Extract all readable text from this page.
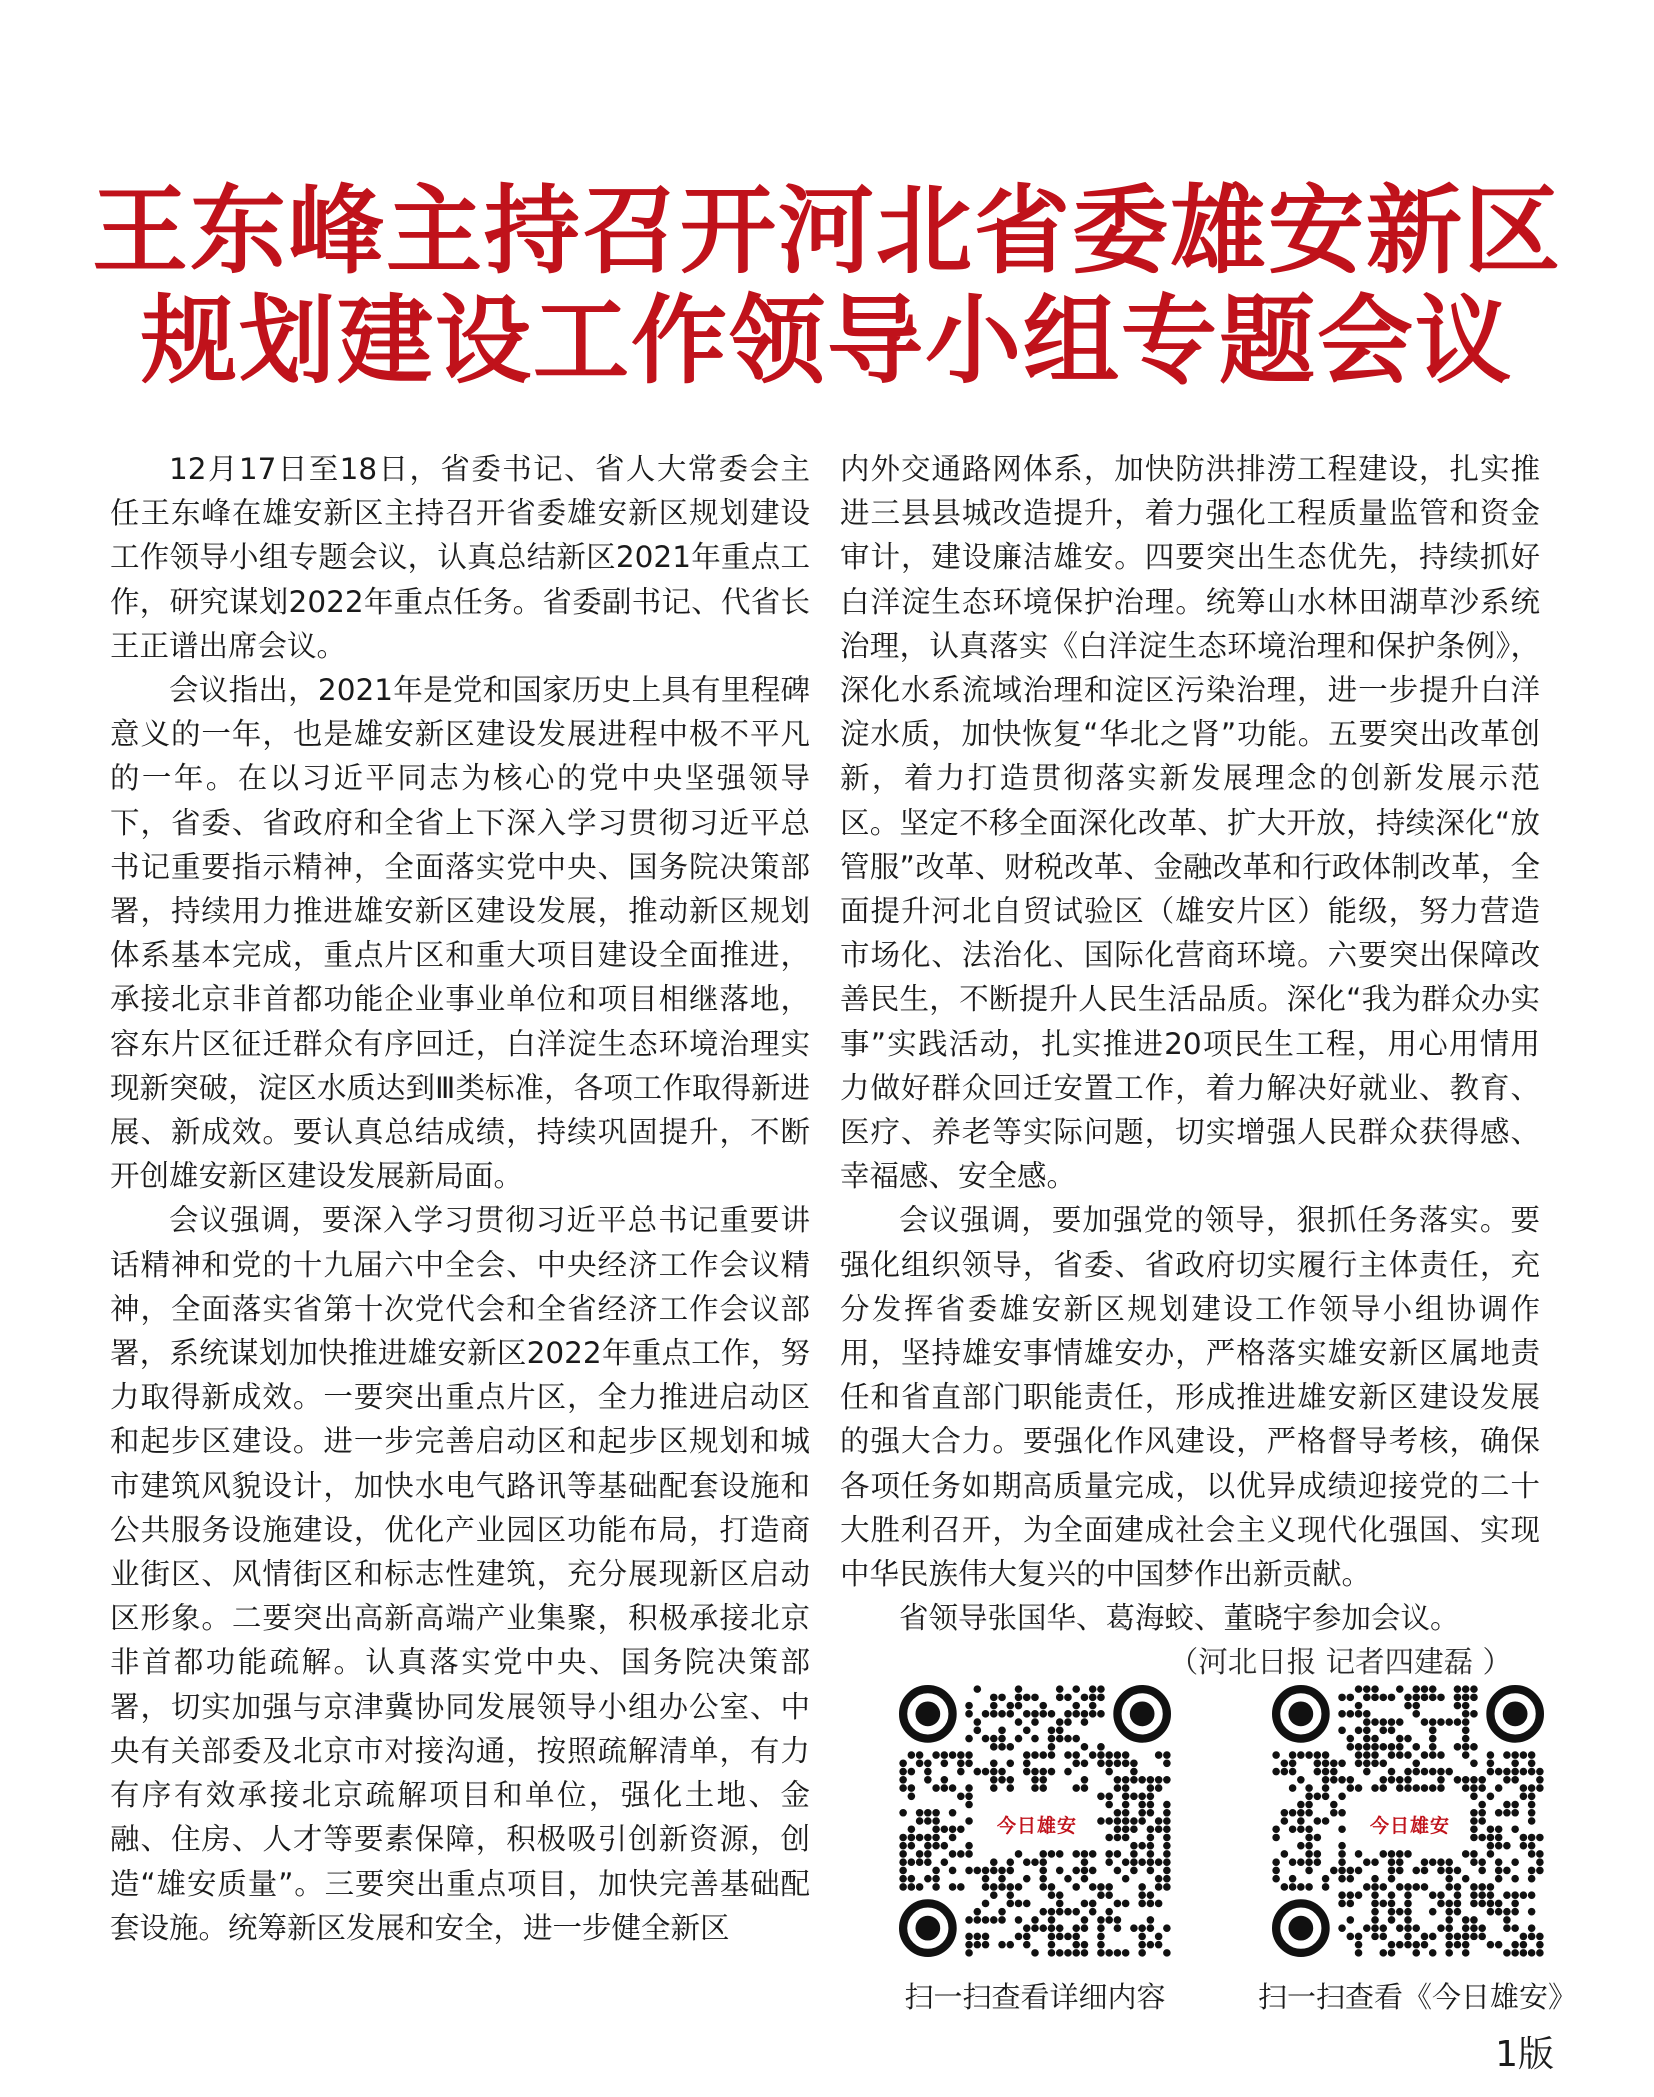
王东峰主持召开河北省委雄安新区
规划建设工作领导小组专题会议

12月17日至18日，省委书记、省人大常委会主任王东峰在雄安新区主持召开省委雄安新区规划建设工作领导小组专题会议，认真总结新区2021年重点工作，研究谋划2022年重点任务。省委副书记、代省长王正谱出席会议。

会议指出，2021年是党和国家历史上具有里程碑意义的一年，也是雄安新区建设发展进程中极不平凡的一年。在以习近平同志为核心的党中央坚强领导下，省委、省政府和全省上下深入学习贯彻习近平总书记重要指示精神，全面落实党中央、国务院决策部署，持续用力推进雄安新区建设发展，推动新区规划体系基本完成，重点片区和重大项目建设全面推进，承接北京非首都功能企业事业单位和项目相继落地，容东片区征迁群众有序回迁，白洋淀生态环境治理实现新突破，淀区水质达到Ⅲ类标准，各项工作取得新进展、新成效。要认真总结成绩，持续巩固提升，不断开创雄安新区建设发展新局面。

会议强调，要深入学习贯彻习近平总书记重要讲话精神和党的十九届六中全会、中央经济工作会议精神，全面落实省第十次党代会和全省经济工作会议部署，系统谋划加快推进雄安新区2022年重点工作，努力取得新成效。一要突出重点片区，全力推进启动区和起步区建设。进一步完善启动区和起步区规划和城市建筑风貌设计，加快水电气路讯等基础配套设施和公共服务设施建设，优化产业园区功能布局，打造商业街区、风情街区和标志性建筑，充分展现新区启动区形象。二要突出高新高端产业集聚，积极承接北京非首都功能疏解。认真落实党中央、国务院决策部署，切实加强与京津冀协同发展领导小组办公室、中央有关部委及北京市对接沟通，按照疏解清单，有力有序有效承接北京疏解项目和单位，强化土地、金融、住房、人才等要素保障，积极吸引创新资源，创造“雄安质量”。三要突出重点项目，加快完善基础配套设施。统筹新区发展和安全，进一步健全新区

内外交通路网体系，加快防洪排涝工程建设，扎实推进三县县城改造提升，着力强化工程质量监管和资金审计，建设廉洁雄安。四要突出生态优先，持续抓好白洋淀生态环境保护治理。统筹山水林田湖草沙系统治理，认真落实《白洋淀生态环境治理和保护条例》，深化水系流域治理和淀区污染治理，进一步提升白洋淀水质，加快恢复“华北之肾”功能。五要突出改革创新，着力打造贯彻落实新发展理念的创新发展示范区。坚定不移全面深化改革、扩大开放，持续深化“放管服”改革、财税改革、金融改革和行政体制改革，全面提升河北自贸试验区（雄安片区）能级，努力营造市场化、法治化、国际化营商环境。六要突出保障改善民生，不断提升人民生活品质。深化“我为群众办实事”实践活动，扎实推进20项民生工程，用心用情用力做好群众回迁安置工作，着力解决好就业、教育、医疗、养老等实际问题，切实增强人民群众获得感、幸福感、安全感。

会议强调，要加强党的领导，狠抓任务落实。要强化组织领导，省委、省政府切实履行主体责任，充分发挥省委雄安新区规划建设工作领导小组协调作用，坚持雄安事情雄安办，严格落实雄安新区属地责任和省直部门职能责任，形成推进雄安新区建设发展的强大合力。要强化作风建设，严格督导考核，确保各项任务如期高质量完成，以优异成绩迎接党的二十大胜利召开，为全面建成社会主义现代化强国、实现中华民族伟大复兴的中国梦作出新贡献。

省领导张国华、葛海蛟、董晓宇参加会议。

（河北日报 记者四建磊 ）

今日雄安
扫一扫查看详细内容
今日雄安
扫一扫查看《今日雄安》
1版
